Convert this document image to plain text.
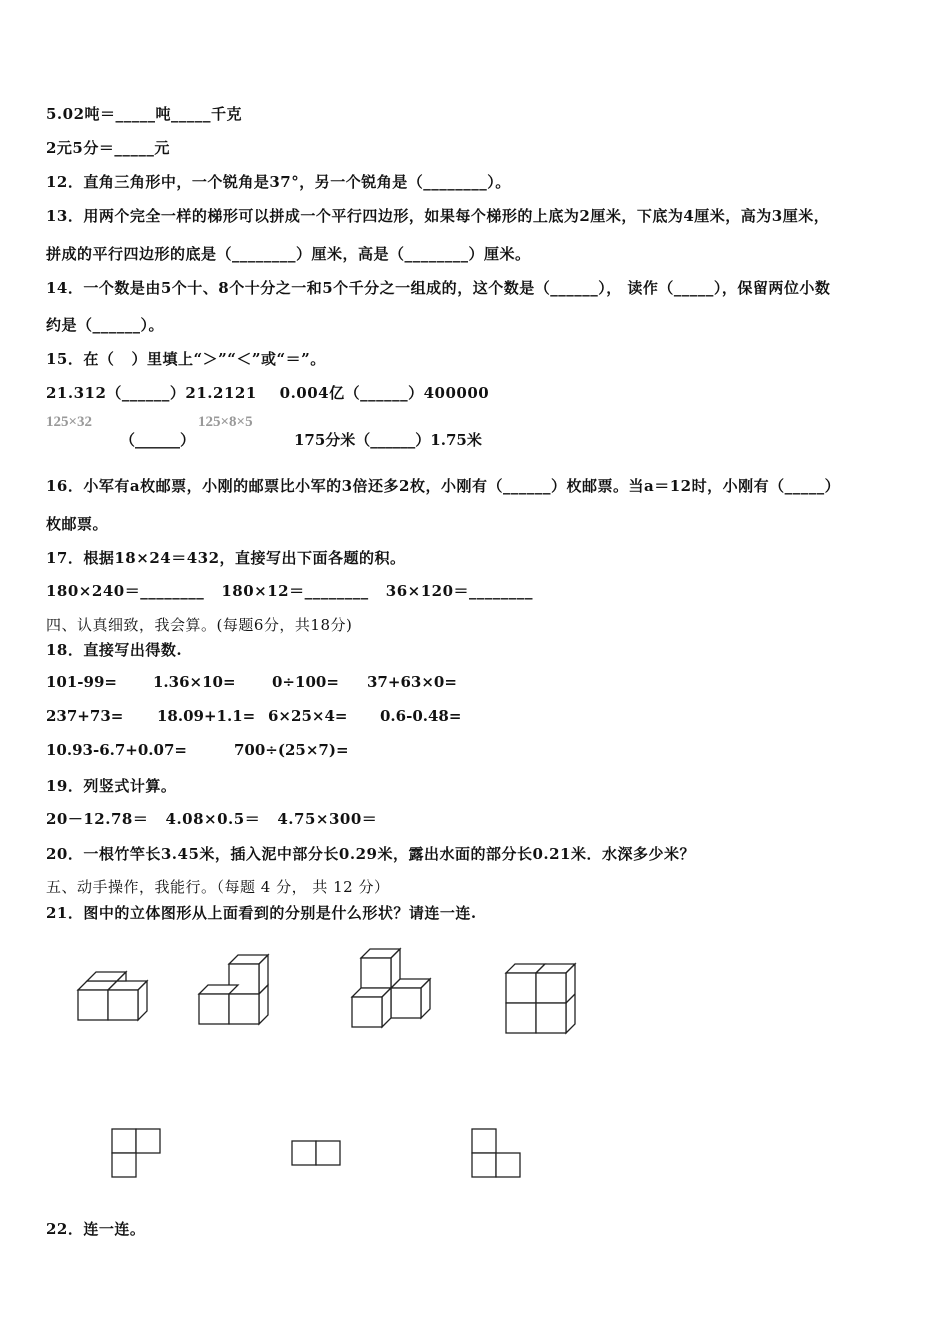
5.02吨＝_____吨_____千克
2元5分＝_____元
12．直角三角形中，一个锐角是37°，另一个锐角是（________）。
13．用两个完全一样的梯形可以拼成一个平行四边形，如果每个梯形的上底为2厘米，下底为4厘米，高为3厘米，
拼成的平行四边形的底是（________）厘米，高是（________）厘米。
14．一个数是由5个十、8个十分之一和5个千分之一组成的，这个数是（______）， 读作（_____），保留两位小数
约是（______）。
15．在（   ）里填上“＞”“＜”或“＝”。
21.312（______）21.2121    0.004亿（______）400000
125×32
（______）
125×8×5
175分米（______）1.75米
16．小军有a枚邮票，小刚的邮票比小军的3倍还多2枚，小刚有（______）枚邮票。当a＝12时，小刚有（_____）
枚邮票。
17．根据18×24＝432，直接写出下面各题的积。
180×240＝________   180×12＝________   36×120＝________
四、认真细致，我会算。(每题6分，共18分)
18．直接写出得数.
101-99= 1.36×10= 0÷100= 37+63×0=
237+73= 18.09+1.1= 6×25×4= 0.6-0.48=
10.93-6.7+0.07=	700÷(25×7)=
19．列竖式计算。
20－12.78＝   4.08×0.5＝   4.75×300＝
20．一根竹竿长3.45米，插入泥中部分长0.29米，露出水面的部分长0.21米．水深多少米？
五、动手操作，我能行。（每题 4 分， 共 12 分）
21．图中的立体图形从上面看到的分别是什么形状？请连一连.
22．连一连。
